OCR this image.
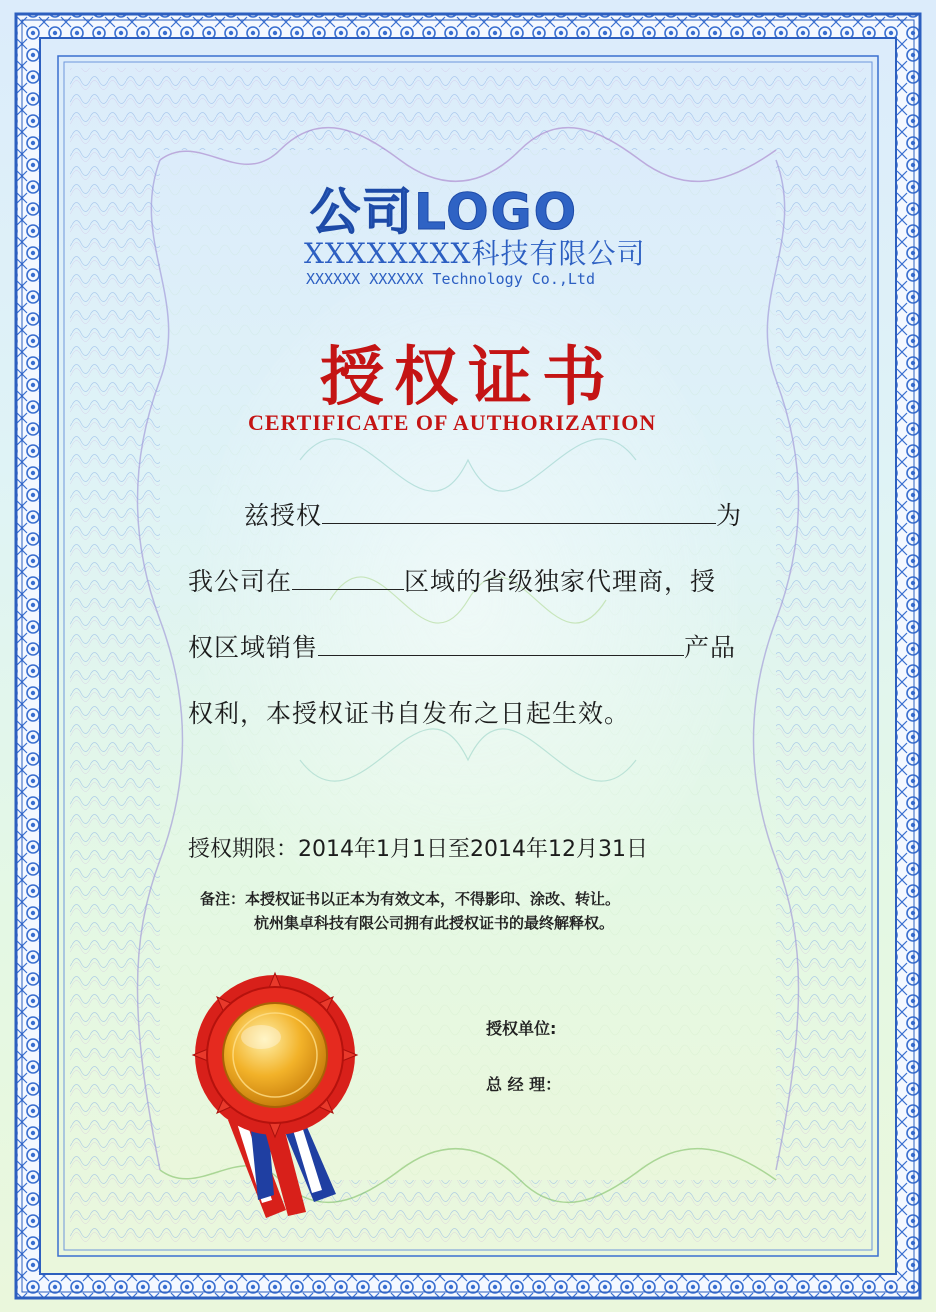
公司LOGO
XXXXXXXX科技有限公司
XXXXXX XXXXXX Technology Co.,Ltd
授权证书
CERTIFICATE OF AUTHORIZATION
兹授权	为
我公司在	区域的省级独家代理商，授
权区域销售	产品
权利，本授权证书自发布之日起生效。
授权期限：2014年1月1日至2014年12月31日
备注：本授权证书以正本为有效文本，不得影印、涂改、转让。
杭州集卓科技有限公司拥有此授权证书的最终解释权。
授权单位:
总 经 理：
